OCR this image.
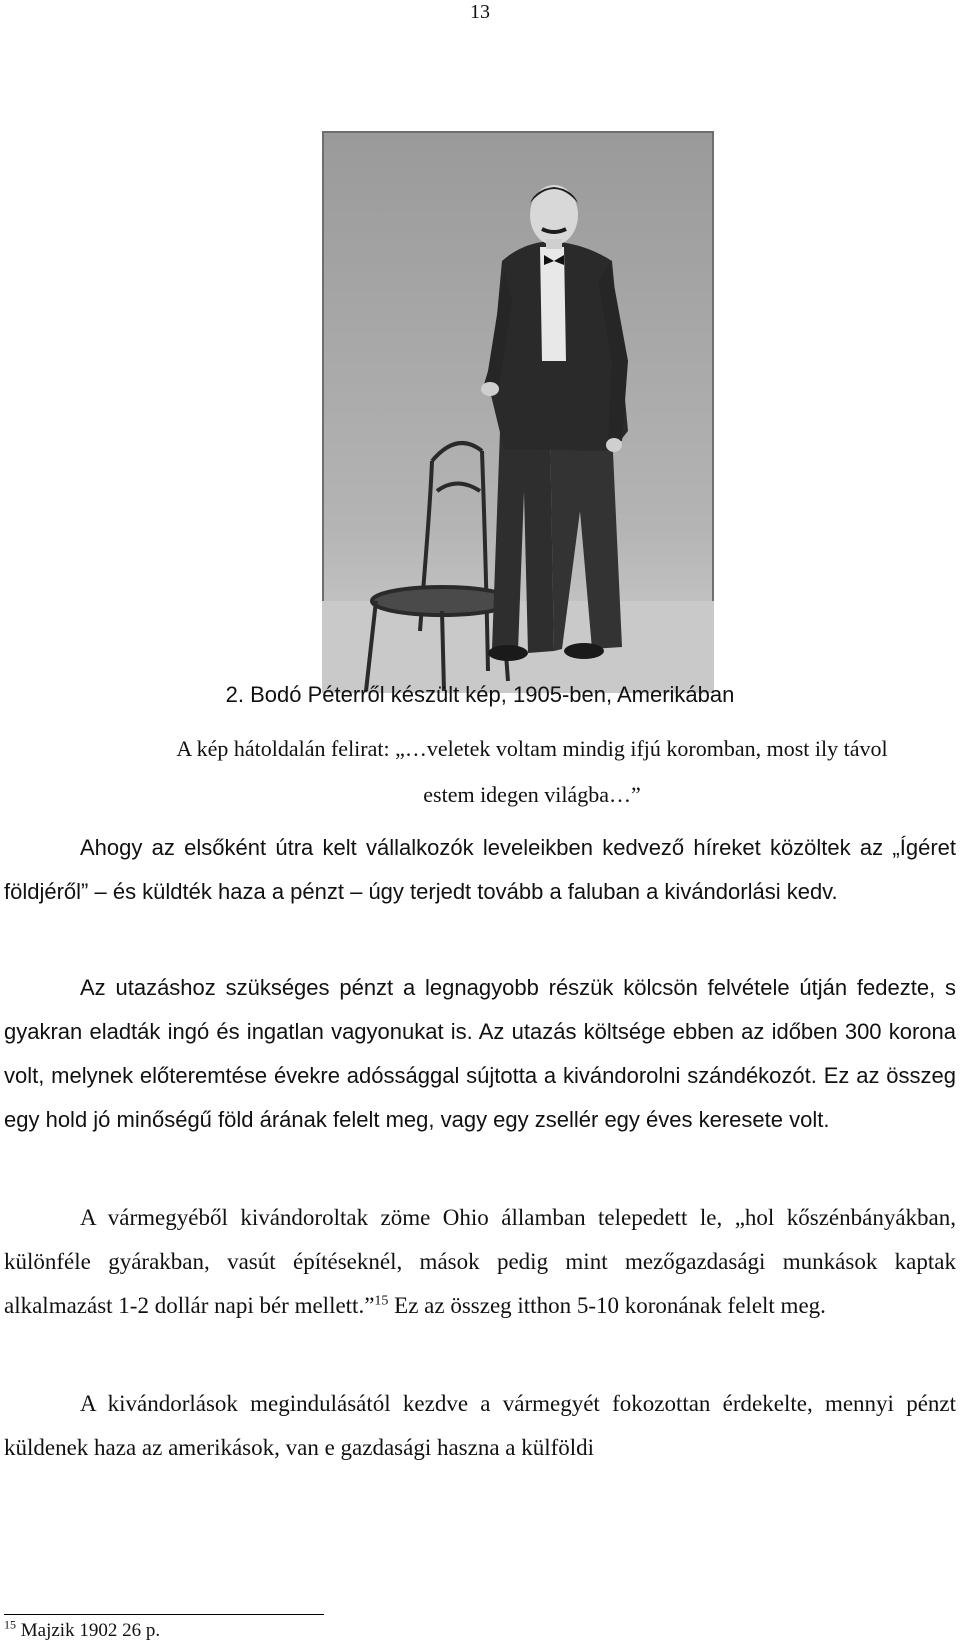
13
2. Bodó Péterről készült kép, 1905-ben, Amerikában
A kép hátoldalán felirat: „…veletek voltam mindig ifjú koromban, most ily távol
estem idegen világba…”

Ahogy az elsőként útra kelt vállalkozók leveleikben kedvező híreket közöltek az „Ígéret földjéről” – és küldték haza a pénzt – úgy terjedt tovább a faluban a kivándorlási kedv.

Az utazáshoz szükséges pénzt a legnagyobb részük kölcsön felvétele útján fedezte, s gyakran eladták ingó és ingatlan vagyonukat is. Az utazás költsége ebben az időben 300 korona volt, melynek előteremtése évekre adóssággal sújtotta a kivándorolni szándékozót. Ez az összeg egy hold jó minőségű föld árának felelt meg, vagy egy zsellér egy éves keresete volt.

A vármegyéből kivándoroltak zöme Ohio államban telepedett le, „hol kőszénbányákban, különféle gyárakban, vasút építéseknél, mások pedig mint mezőgazdasági munkások kaptak alkalmazást 1-2 dollár napi bér mellett.”$^{15}$ Ez az összeg itthon 5-10 koronának felelt meg.

A kivándorlások megindulásától kezdve a vármegyét fokozottan érdekelte, mennyi pénzt küldenek haza az amerikások, van e gazdasági haszna a külföldi

$^{15}$ Majzik 1902 26 p.
